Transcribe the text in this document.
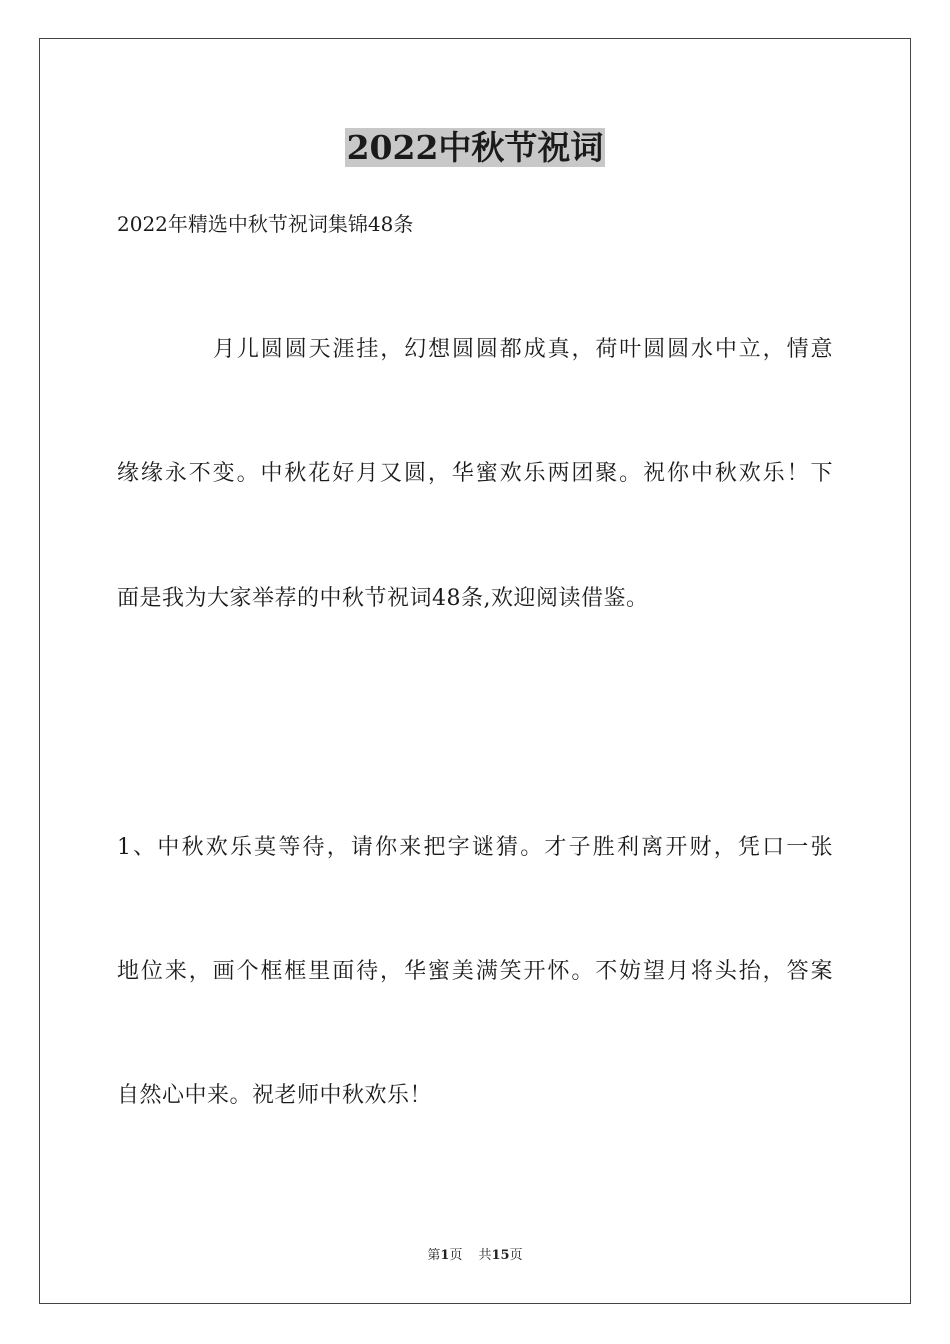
2022中秋节祝词
2022年精选中秋节祝词集锦48条
月儿圆圆天涯挂，幻想圆圆都成真，荷叶圆圆水中立，情意
缘缘永不变。中秋花好月又圆，华蜜欢乐两团聚。祝你中秋欢乐！下
面是我为大家举荐的中秋节祝词48条,欢迎阅读借鉴。
1、中秋欢乐莫等待，请你来把字谜猜。才子胜利离开财，凭口一张
地位来，画个框框里面待，华蜜美满笑开怀。不妨望月将头抬，答案
自然心中来。祝老师中秋欢乐！
第1页 共15页
